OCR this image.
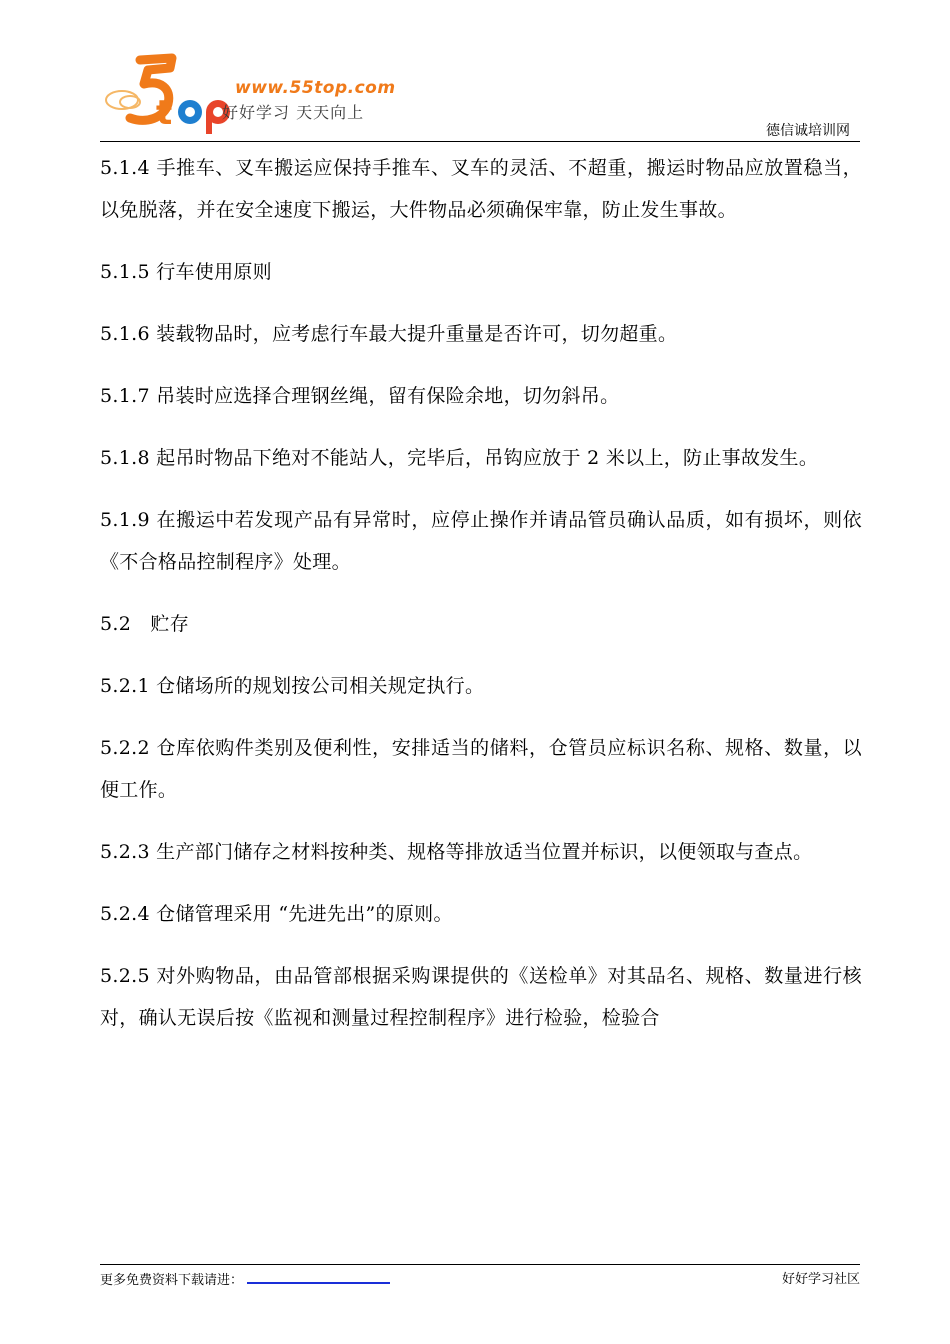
t
www.55top.com
好好学习 天天向上
德信诚培训网

5.1.4 手推车、叉车搬运应保持手推车、叉车的灵活、不超重，搬运时物品应放置稳当，以免脱落，并在安全速度下搬运，大件物品必须确保牢靠，防止发生事故。

5.1.5 行车使用原则

5.1.6 装载物品时，应考虑行车最大提升重量是否许可，切勿超重。

5.1.7 吊装时应选择合理钢丝绳，留有保险余地，切勿斜吊。

5.1.8 起吊时物品下绝对不能站人，完毕后，吊钩应放于 2 米以上，防止事故发生。

5.1.9 在搬运中若发现产品有异常时，应停止操作并请品管员确认品质，如有损坏，则依《不合格品控制程序》处理。

5.2　贮存

5.2.1 仓储场所的规划按公司相关规定执行。

5.2.2 仓库依购件类别及便利性，安排适当的储料，仓管员应标识名称、规格、数量，以便工作。

5.2.3 生产部门储存之材料按种类、规格等排放适当位置并标识，以便领取与查点。

5.2.4 仓储管理采用 “先进先出”的原则。

5.2.5 对外购物品，由品管部根据采购课提供的《送检单》对其品名、规格、数量进行核对，确认无误后按《监视和测量过程控制程序》进行检验，检验合

更多免费资料下载请进：	好好学习社区
